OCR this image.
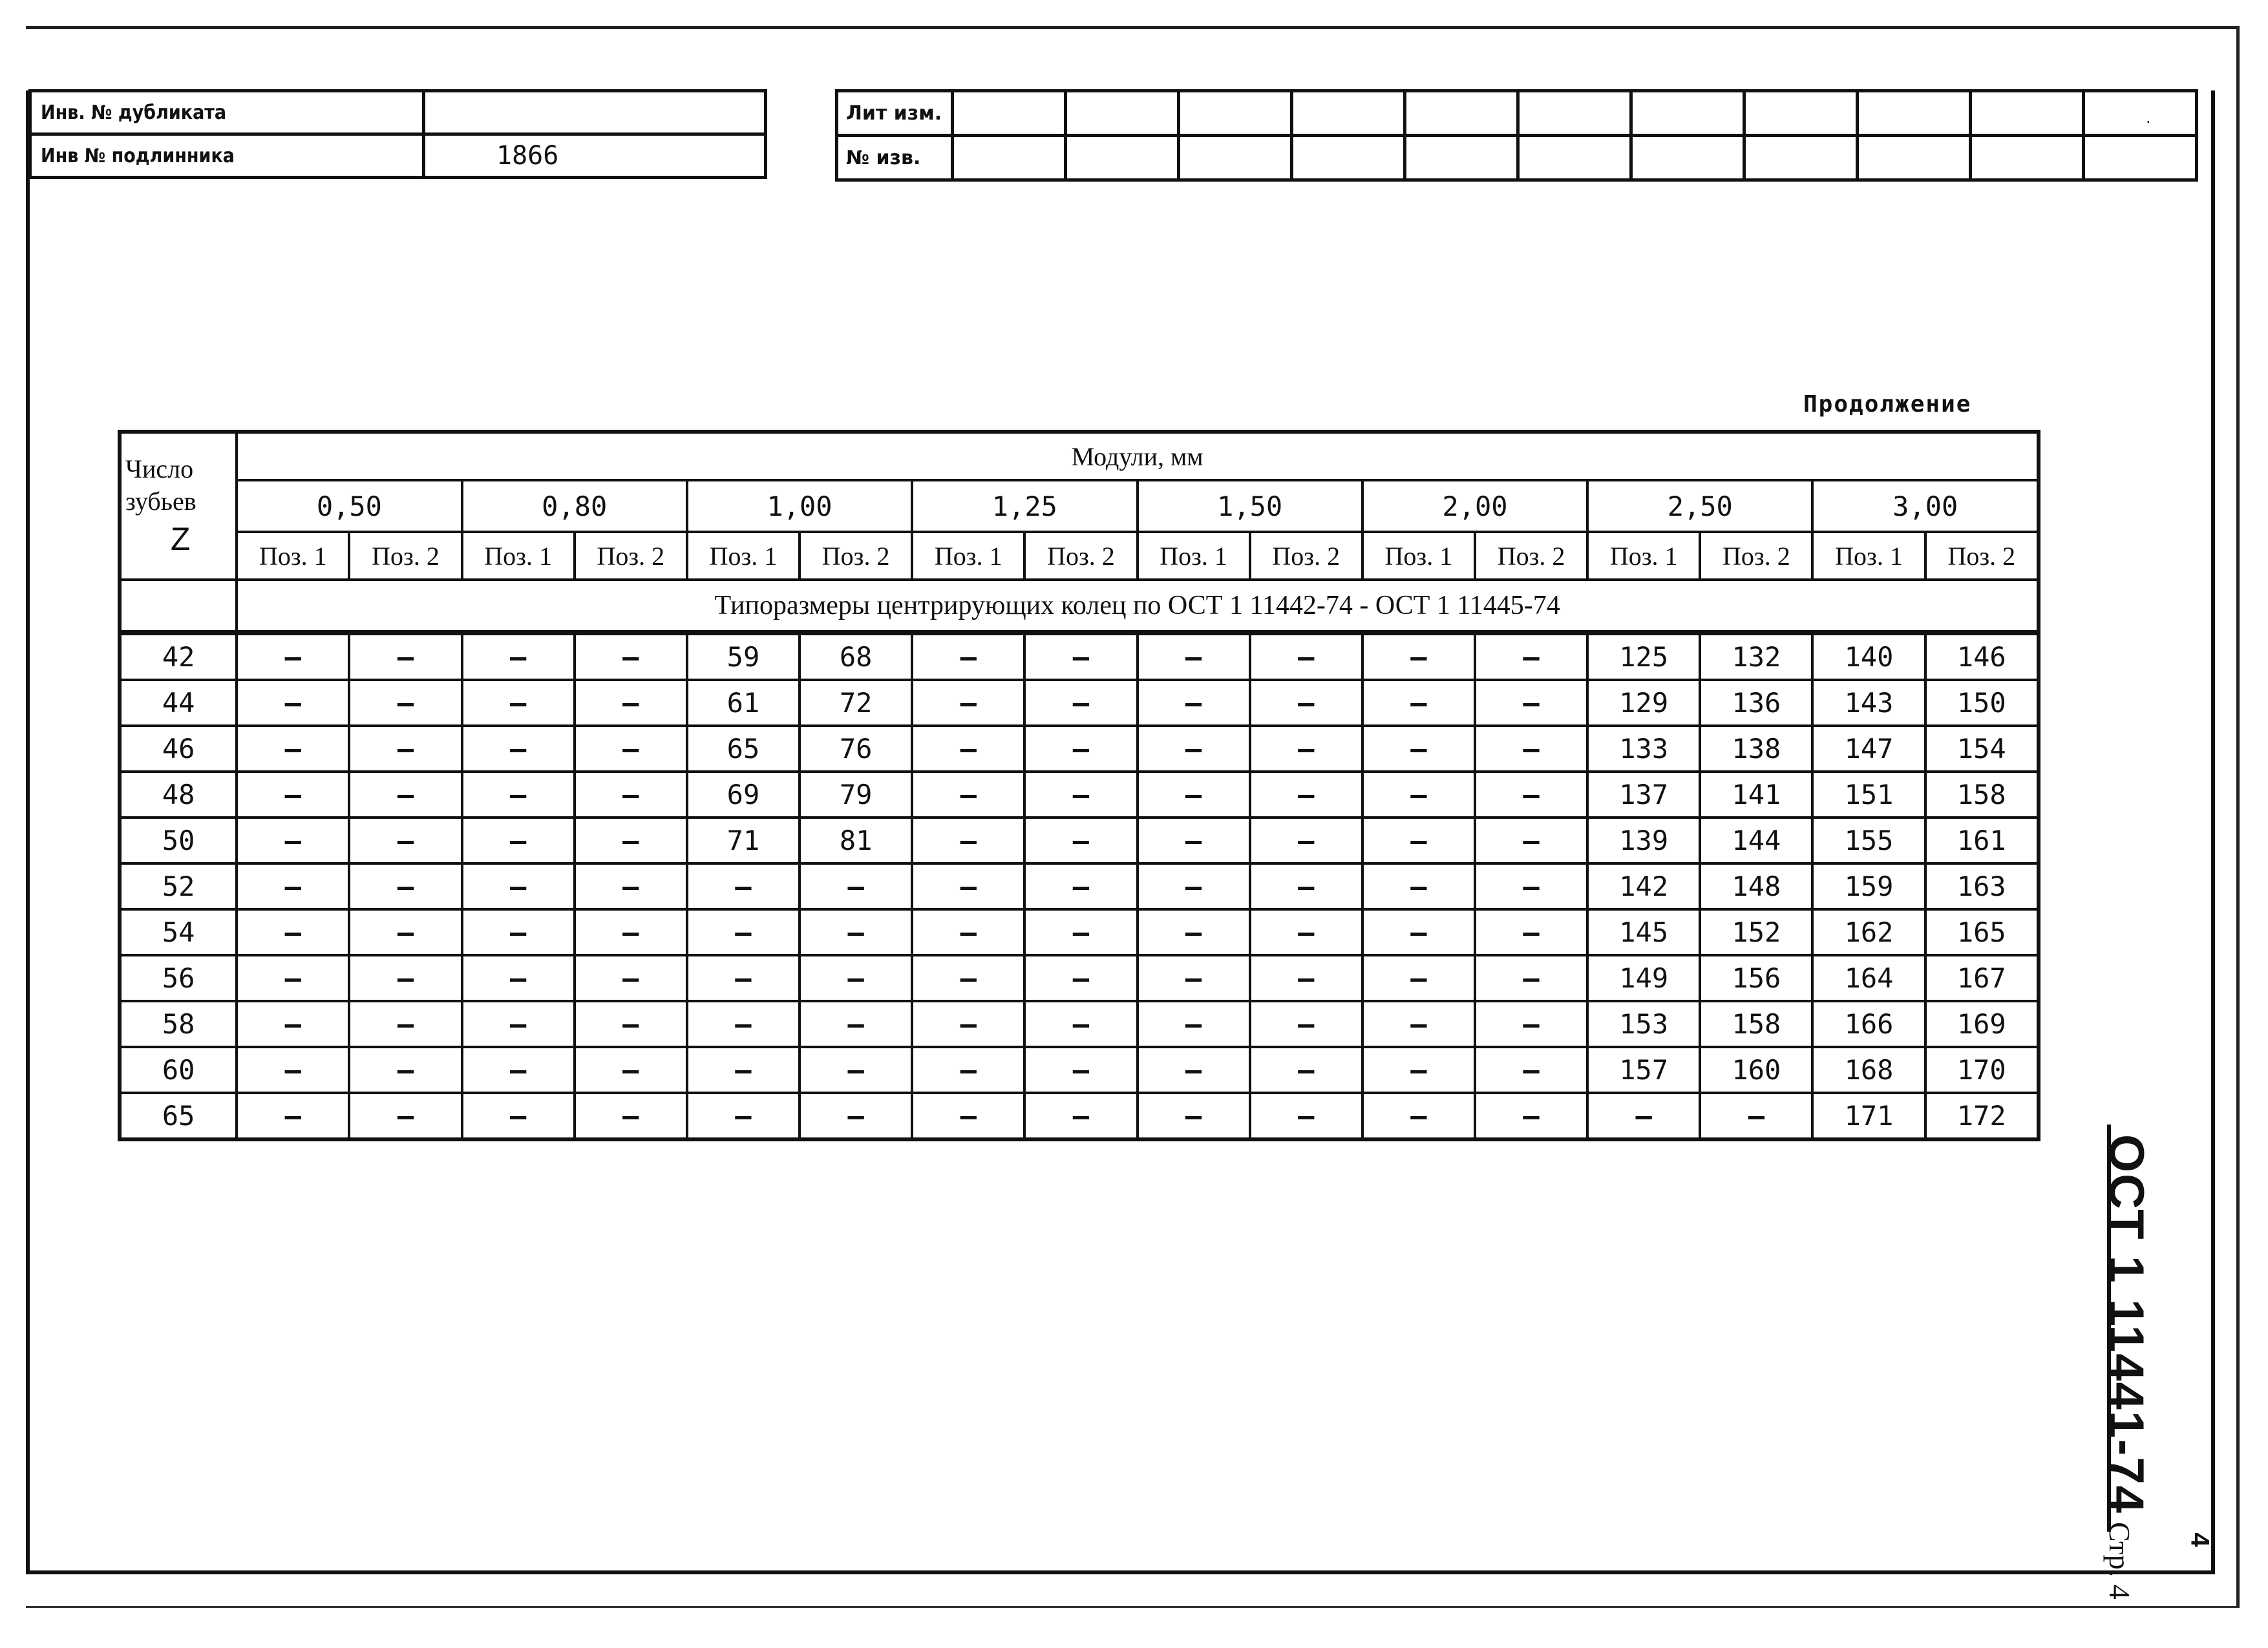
Инв. № дубликата	
Инв № подлинника	1866
Лит изм.											
№ изв.											
·
Продолжение
Число
зубьев
Z	Модули, мм															
	0,50		0,80		1,00		1,25		1,50		2,00		2,50		3,00	
	Поз. 1	Поз. 2	Поз. 1	Поз. 2	Поз. 1	Поз. 2	Поз. 1	Поз. 2	Поз. 1	Поз. 2	Поз. 1	Поз. 2	Поз. 1	Поз. 2	Поз. 1	Поз. 2
	Типоразмеры центрирующих колец по ОСТ 1 11442-74 - ОСТ 1 11445-74															
42	–	–	–	–	59	68	–	–	–	–	–	–	125	132	140	146
44	–	–	–	–	61	72	–	–	–	–	–	–	129	136	143	150
46	–	–	–	–	65	76	–	–	–	–	–	–	133	138	147	154
48	–	–	–	–	69	79	–	–	–	–	–	–	137	141	151	158
50	–	–	–	–	71	81	–	–	–	–	–	–	139	144	155	161
52	–	–	–	–	–	–	–	–	–	–	–	–	142	148	159	163
54	–	–	–	–	–	–	–	–	–	–	–	–	145	152	162	165
56	–	–	–	–	–	–	–	–	–	–	–	–	149	156	164	167
58	–	–	–	–	–	–	–	–	–	–	–	–	153	158	166	169
60	–	–	–	–	–	–	–	–	–	–	–	–	157	160	168	170
65	–	–	–	–	–	–	–	–	–	–	–	–	–	–	171	172
ОСТ 1 11441-74Стр. 4	4
